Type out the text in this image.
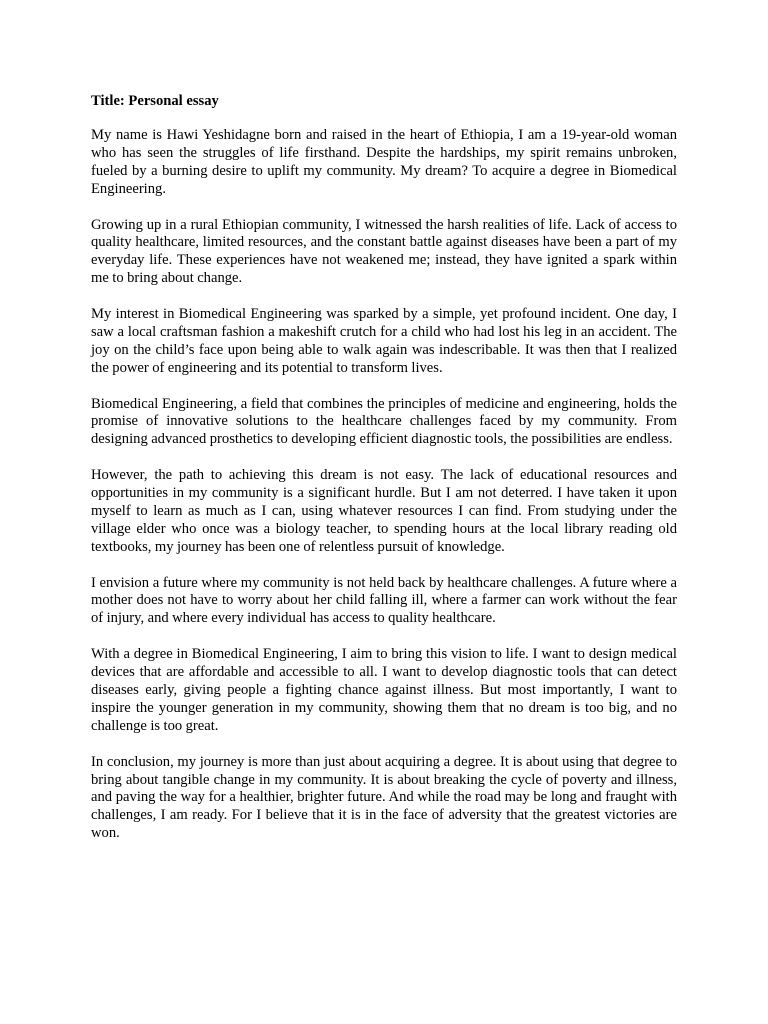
Title: Personal essay

My name is Hawi Yeshidagne born and raised in the heart of Ethiopia, I am a 19-year-old woman who has seen the struggles of life firsthand. Despite the hardships, my spirit remains unbroken, fueled by a burning desire to uplift my community. My dream? To acquire a degree in Biomedical Engineering.

Growing up in a rural Ethiopian community, I witnessed the harsh realities of life. Lack of access to quality healthcare, limited resources, and the constant battle against diseases have been a part of my everyday life. These experiences have not weakened me; instead, they have ignited a spark within me to bring about change.

My interest in Biomedical Engineering was sparked by a simple, yet profound incident. One day, I saw a local craftsman fashion a makeshift crutch for a child who had lost his leg in an accident. The joy on the child’s face upon being able to walk again was indescribable. It was then that I realized the power of engineering and its potential to transform lives.

Biomedical Engineering, a field that combines the principles of medicine and engineering, holds the promise of innovative solutions to the healthcare challenges faced by my community. From designing advanced prosthetics to developing efficient diagnostic tools, the possibilities are endless.

However, the path to achieving this dream is not easy. The lack of educational resources and opportunities in my community is a significant hurdle. But I am not deterred. I have taken it upon myself to learn as much as I can, using whatever resources I can find. From studying under the village elder who once was a biology teacher, to spending hours at the local library reading old textbooks, my journey has been one of relentless pursuit of knowledge.

I envision a future where my community is not held back by healthcare challenges. A future where a mother does not have to worry about her child falling ill, where a farmer can work without the fear of injury, and where every individual has access to quality healthcare.

With a degree in Biomedical Engineering, I aim to bring this vision to life. I want to design medical devices that are affordable and accessible to all. I want to develop diagnostic tools that can detect diseases early, giving people a fighting chance against illness. But most importantly, I want to inspire the younger generation in my community, showing them that no dream is too big, and no challenge is too great.

In conclusion, my journey is more than just about acquiring a degree. It is about using that degree to bring about tangible change in my community. It is about breaking the cycle of poverty and illness, and paving the way for a healthier, brighter future. And while the road may be long and fraught with challenges, I am ready. For I believe that it is in the face of adversity that the greatest victories are won.
